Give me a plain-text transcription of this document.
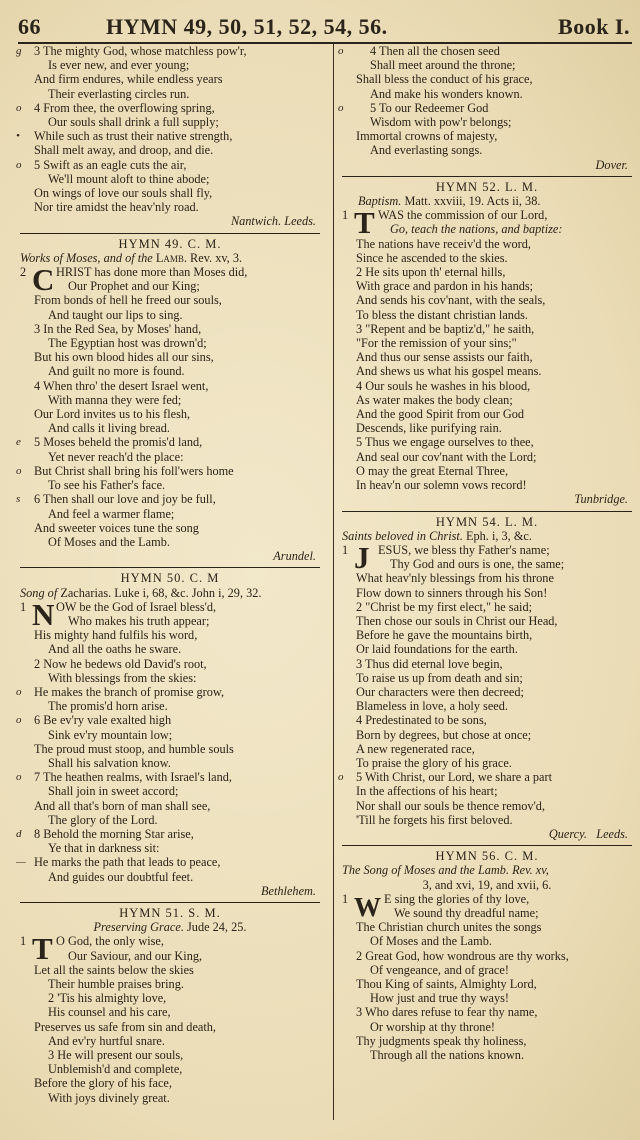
66	HYMN 49, 50, 51, 52, 54, 56.	Book I.
g	3 The mighty God, whose matchless pow'r,
Is ever new, and ever young;
And firm endures, while endless years
Their everlasting circles run.
o	4 From thee, the overflowing spring,
Our souls shall drink a full supply;
•	While such as trust their native strength,
Shall melt away, and droop, and die.
o	5 Swift as an eagle cuts the air,
We'll mount aloft to thine abode;
On wings of love our souls shall fly,
Nor tire amidst the heav'nly road.
Nantwich. Leeds.
HYMN 49. C. M.
Works of Moses, and of the Lamb. Rev. xv, 3.
2 C HRIST has done more than Moses did,
Our Prophet and our King;
From bonds of hell he freed our souls,
And taught our lips to sing.
3 In the Red Sea, by Moses' hand,
The Egyptian host was drown'd;
But his own blood hides all our sins,
And guilt no more is found.
4 When thro' the desert Israel went,
With manna they were fed;
Our Lord invites us to his flesh,
And calls it living bread.
e	5 Moses beheld the promis'd land,
Yet never reach'd the place:
o	But Christ shall bring his foll'wers home
To see his Father's face.
s	6 Then shall our love and joy be full,
And feel a warmer flame;
And sweeter voices tune the song
Of Moses and the Lamb.
Arundel.
HYMN 50. C. M
Song of Zacharias. Luke i, 68, &c. John i, 29, 32.
1 N OW be the God of Israel bless'd,
Who makes his truth appear;
His mighty hand fulfils his word,
And all the oaths he sware.
2 Now he bedews old David's root,
With blessings from the skies:
o	He makes the branch of promise grow,
The promis'd horn arise.
o	6 Be ev'ry vale exalted high
Sink ev'ry mountain low;
The proud must stoop, and humble souls
Shall his salvation know.
o	7 The heathen realms, with Israel's land,
Shall join in sweet accord;
And all that's born of man shall see,
The glory of the Lord.
d	8 Behold the morning Star arise,
Ye that in darkness sit:
— He marks the path that leads to peace,
And guides our doubtful feet.
Bethlehem.
HYMN 51. S. M.
Preserving Grace. Jude 24, 25.
1 T O God, the only wise,
Our Saviour, and our King,
Let all the saints below the skies
Their humble praises bring.
2 'Tis his almighty love,
His counsel and his care,
Preserves us safe from sin and death,
And ev'ry hurtful snare.
3 He will present our souls,
Unblemish'd and complete,
Before the glory of his face,
With joys divinely great.
o	4 Then all the chosen seed
Shall meet around the throne;
Shall bless the conduct of his grace,
And make his wonders known.
o	5 To our Redeemer God
Wisdom with pow'r belongs;
Immortal crowns of majesty,
And everlasting songs.
Dover.
HYMN 52. L. M.
Baptism. Matt. xxviii, 19. Acts ii, 38.
1 T WAS the commission of our Lord,
Go, teach the nations, and baptize:
The nations have receiv'd the word,
Since he ascended to the skies.
2 He sits upon th' eternal hills,
With grace and pardon in his hands;
And sends his cov'nant, with the seals,
To bless the distant christian lands.
3 "Repent and be baptiz'd," he saith,
"For the remission of your sins;"
And thus our sense assists our faith,
And shews us what his gospel means.
4 Our souls he washes in his blood,
As water makes the body clean;
And the good Spirit from our God
Descends, like purifying rain.
5 Thus we engage ourselves to thee,
And seal our cov'nant with the Lord;
O may the great Eternal Three,
In heav'n our solemn vows record!
Tunbridge.
HYMN 54. L. M.
Saints beloved in Christ. Eph. i, 3, &c.
1 J ESUS, we bless thy Father's name;
Thy God and ours is one, the same;
What heav'nly blessings from his throne
Flow down to sinners through his Son!
2 "Christ be my first elect," he said;
Then chose our souls in Christ our Head,
Before he gave the mountains birth,
Or laid foundations for the earth.
3 Thus did eternal love begin,
To raise us up from death and sin;
Our characters were then decreed;
Blameless in love, a holy seed.
4 Predestinated to be sons,
Born by degrees, but chose at once;
A new regenerated race,
To praise the glory of his grace.
o	5 With Christ, our Lord, we share a part
In the affections of his heart;
Nor shall our souls be thence remov'd,
'Till he forgets his first beloved.
Quercy. Leeds.
HYMN 56. C. M.
The Song of Moses and the Lamb. Rev. xv,
3, and xvi, 19, and xvii, 6.
1 W E sing the glories of thy love,
We sound thy dreadful name;
The Christian church unites the songs
Of Moses and the Lamb.
2 Great God, how wondrous are thy works,
Of vengeance, and of grace!
Thou King of saints, Almighty Lord,
How just and true thy ways!
3 Who dares refuse to fear thy name,
Or worship at thy throne!
Thy judgments speak thy holiness,
Through all the nations known.
